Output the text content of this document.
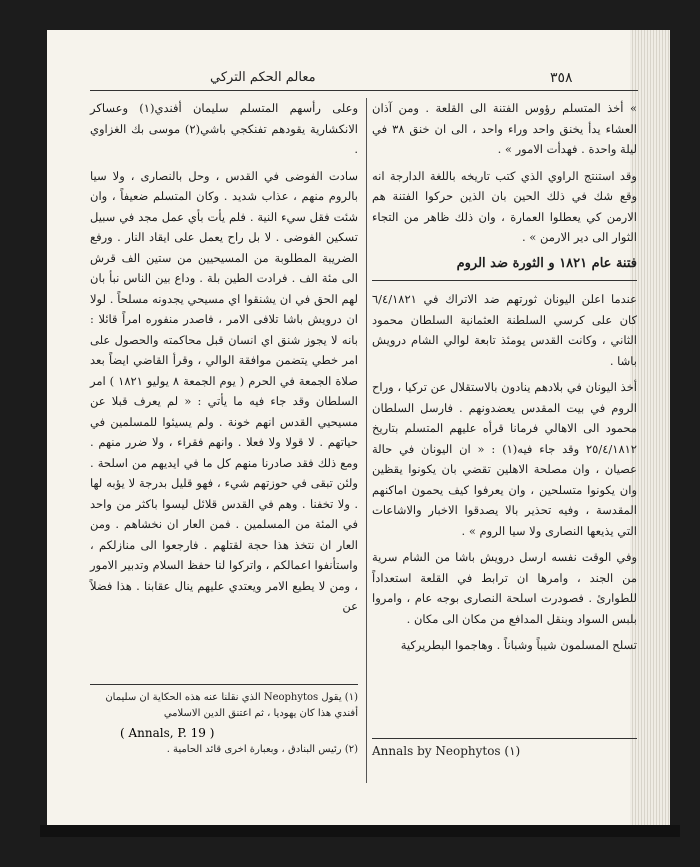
٣٥٨
معالم الحكم التركي

» أخذ المتسلم رؤوس الفتنة الى القلعة . ومن آذان العشاء يدأ يخنق واحد وراء واحد ، الى ان خنق ٣٨ في ليلة واحدة . فهدأت الامور » .

وقد استنتج الراوي الذي كتب تاريخه باللغة الدارجة انه وقع شك في ذلك الحين بان الذين حركوا الفتنة هم الارمن كي يعطلوا العمارة ، وان ذلك ظاهر من التجاء الثوار الى دير الارمن » .

فتنة عام ١٨٢١ و الثورة ضد الروم

عندما اعلن اليونان ثورتهم ضد الاتراك في ٦/٤/١٨٢١ كان على كرسي السلطنة العثمانية السلطان محمود الثاني ، وكانت القدس يومئذ تابعة لوالي الشام درويش باشا .

أخذ اليونان في بلادهم ينادون بالاستقلال عن تركيا ، وراح الروم في بيت المقدس يعضدونهم . فارسل السلطان محمود الى الاهالي فرمانا قرأه عليهم المتسلم بتاريخ ٢٥/٤/١٨١٢ وقد جاء فيه(١) : « ان اليونان في حالة عصيان ، وان مصلحة الاهلين تقضي بان يكونوا يقظين وان يكونوا متسلحين ، وان يعرفوا كيف يحمون اماكنهم المقدسة ، وفيه تحذير بالا يصدقوا الاخبار والاشاعات التي يذيعها النصارى ولا سيا الروم » .

وفي الوقت نفسه ارسل درويش باشا من الشام سرية من الجند ، وامرها ان ترابط في القلعة استعداداً للطوارئ . فصودرت اسلحة النصارى بوجه عام ، وامروا بلبس السواد وبنقل المدافع من مكان الى مكان .

تسلح المسلمون شيباً وشباناً . وهاجموا البطريركية

وعلى رأسهم المتسلم سليمان أفندي(١) وعساكر الانكشارية يقودهم تفنكجي باشي(٢) موسى بك الغزاوي .

سادت الفوضى في القدس ، وحل بالنصارى ، ولا سيا بالروم منهم ، عذاب شديد . وكان المتسلم ضعيفاً ، وان شئت فقل سيء النية . فلم يأت بأي عمل مجد في سبيل تسكين الفوضى . لا بل راح يعمل على ايقاد النار . ورفع الضريبة المطلوبة من المسيحيين من ستين الف قرش الى مئة الف . فرادت الطين بلة . وداع بين الناس نبأ بان لهم الحق في ان يشنقوا اي مسيحي يجدونه مسلحاً . لولا ان درويش باشا تلافى الامر ، فاصدر منفوره امراً قائلا : بانه لا يجوز شنق اي انسان قبل محاكمته والحصول على امر خطي يتضمن موافقة الوالي ، وقرأ القاضي ايضاً بعد صلاة الجمعة في الحرم ( يوم الجمعة ٨ يوليو ١٨٢١ ) امر السلطان وقد جاء فيه ما يأتي : « لم يعرف قبلا عن مسيحيي القدس انهم خونة . ولم يسيئوا للمسلمين في حياتهم . لا قولا ولا فعلا . وانهم فقراء ، ولا ضرر منهم . ومع ذلك فقد صادرنا منهم كل ما في ايديهم من اسلحة . ولئن تبقى في حوزتهم شيء ، فهو قليل بدرجة لا يؤبه لها . ولا تخفنا . وهم في القدس قلائل ليسوا باكثر من واحد في المئة من المسلمين . فمن العار ان نخشاهم . ومن العار ان نتخذ هذا حجة لقتلهم . فارجعوا الى منازلكم ، واستأنفوا اعمالكم ، واتركوا لنا حفظ السلام وتدبير الامور ، ومن لا يطيع الامر ويعتدي عليهم ينال عقابنا . هذا فضلاً عن

(١) يقول Neophytos الذي نقلنا عنه هذه الحكاية ان سليمان أفندي هذا كان يهوديا ، ثم اعتنق الدين الاسلامي
( Annals, P. 19 )
(٢) رئيس البنادق ، وبعبارة اخرى قائد الحامية . Annals by Neophytos (١)
